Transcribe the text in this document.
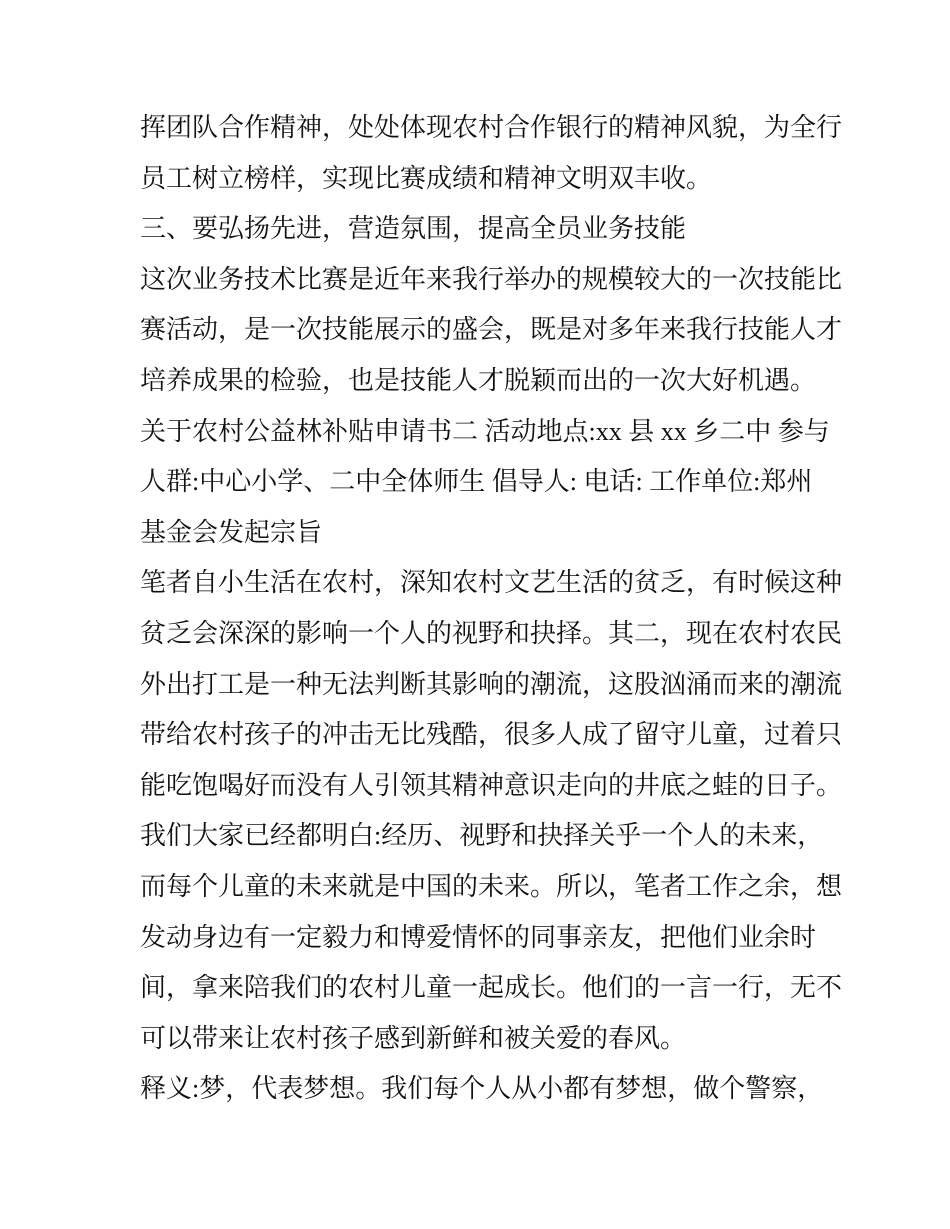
挥团队合作精神，处处体现农村合作银行的精神风貌，为全行
员工树立榜样，实现比赛成绩和精神文明双丰收。
三、要弘扬先进，营造氛围，提高全员业务技能
这次业务技术比赛是近年来我行举办的规模较大的一次技能比
赛活动，是一次技能展示的盛会，既是对多年来我行技能人才
培养成果的检验，也是技能人才脱颖而出的一次大好机遇。
关于农村公益林补贴申请书二 活动地点:xx 县 xx 乡二中 参与
人群:中心小学、二中全体师生 倡导人: 电话: 工作单位:郑州
基金会发起宗旨
笔者自小生活在农村，深知农村文艺生活的贫乏，有时候这种
贫乏会深深的影响一个人的视野和抉择。其二，现在农村农民
外出打工是一种无法判断其影响的潮流，这股汹涌而来的潮流
带给农村孩子的冲击无比残酷，很多人成了留守儿童，过着只
能吃饱喝好而没有人引领其精神意识走向的井底之蛙的日子。
我们大家已经都明白:经历、视野和抉择关乎一个人的未来，
而每个儿童的未来就是中国的未来。所以，笔者工作之余，想
发动身边有一定毅力和博爱情怀的同事亲友，把他们业余时
间，拿来陪我们的农村儿童一起成长。他们的一言一行，无不
可以带来让农村孩子感到新鲜和被关爱的春风。
释义:梦，代表梦想。我们每个人从小都有梦想，做个警察，
